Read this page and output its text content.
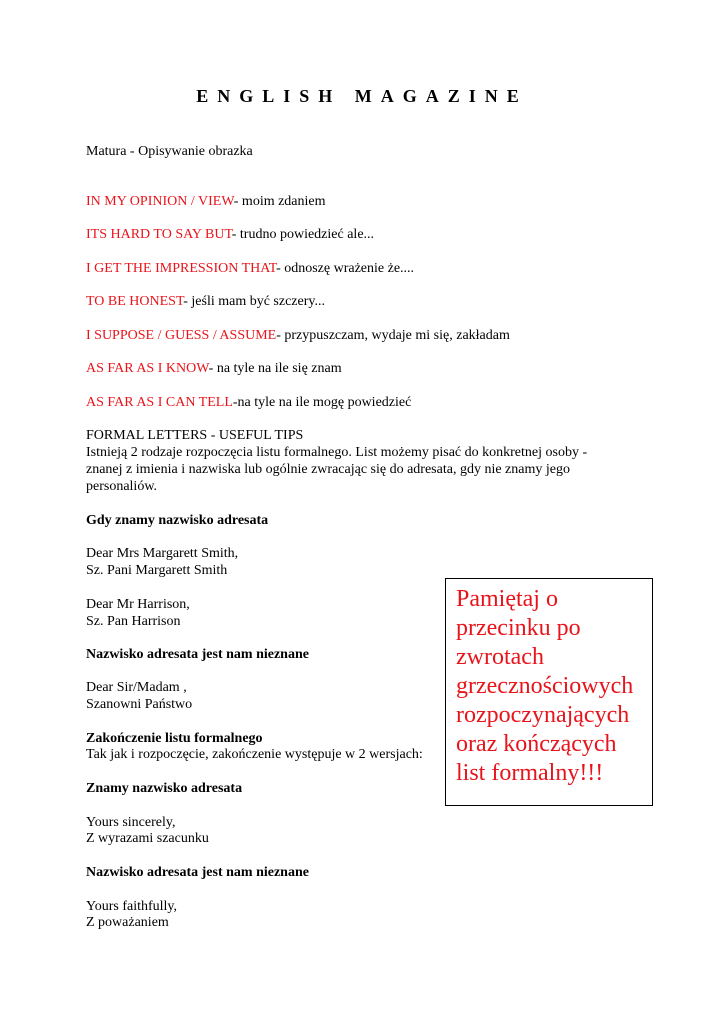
ENGLISH MAGAZINE
Matura - Opisywanie obrazka
IN MY OPINION / VIEW- moim zdaniem
ITS HARD TO SAY BUT- trudno powiedzieć ale...
I GET THE IMPRESSION THAT- odnoszę wrażenie że....
TO BE HONEST- jeśli mam być szczery...
I SUPPOSE / GUESS / ASSUME- przypuszczam, wydaje mi się, zakładam
AS FAR AS I KNOW- na tyle na ile się znam
AS FAR AS I CAN TELL-na tyle na ile mogę powiedzieć
FORMAL LETTERS - USEFUL TIPS
Istnieją 2 rodzaje rozpoczęcia listu formalnego. List możemy pisać do konkretnej osoby - znanej z imienia i nazwiska lub ogólnie zwracając się do adresata, gdy nie znamy jego personaliów.
Gdy znamy nazwisko adresata
Dear Mrs Margarett Smith,
Sz. Pani Margarett Smith
Dear Mr Harrison,
Sz. Pan Harrison
Nazwisko adresata jest nam nieznane
Dear Sir/Madam ,
Szanowni Państwo
Zakończenie listu formalnego
Tak jak i rozpoczęcie, zakończenie występuje w 2 wersjach:
Znamy nazwisko adresata
Yours sincerely,
Z wyrazami szacunku
Nazwisko adresata jest nam nieznane
Yours faithfully,
Z poważaniem
Pamiętaj o
przecinku po
zwrotach
grzecznościowych
rozpoczynających
oraz kończących
list formalny!!!
